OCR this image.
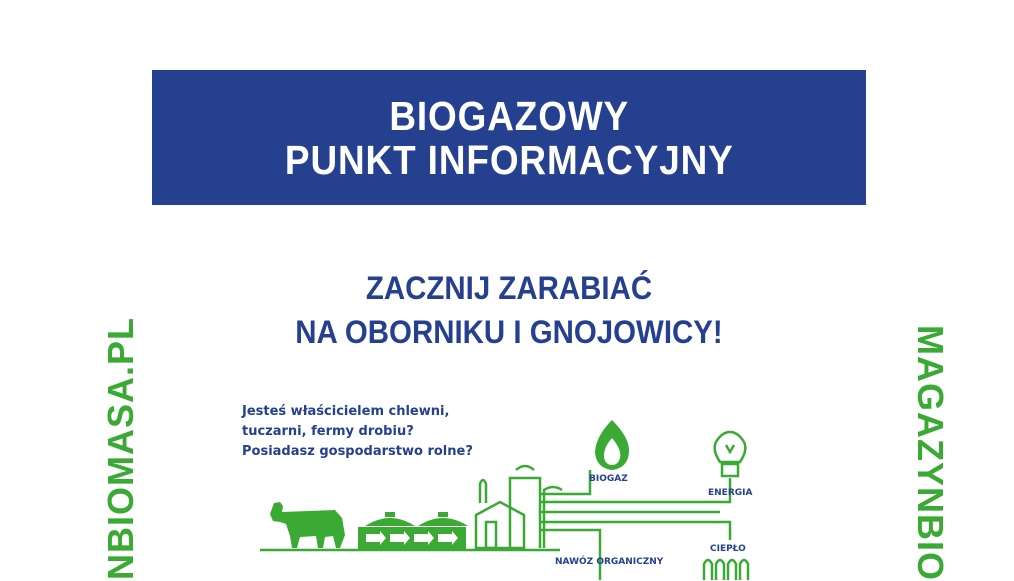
BIOGAZOWY
PUNKT INFORMACYJNY
ZACZNIJ ZARABIAĆ
NA OBORNIKU I GNOJOWICY!
NBIOMASA.PL	MAGAZYNBIO
Jesteś właścicielem chlewni,
tuczarni, fermy drobiu?
Posiadasz gospodarstwo rolne?
BIOGAZ
ENERGIA
NAWÓZ ORGANICZNY
CIEPŁO
